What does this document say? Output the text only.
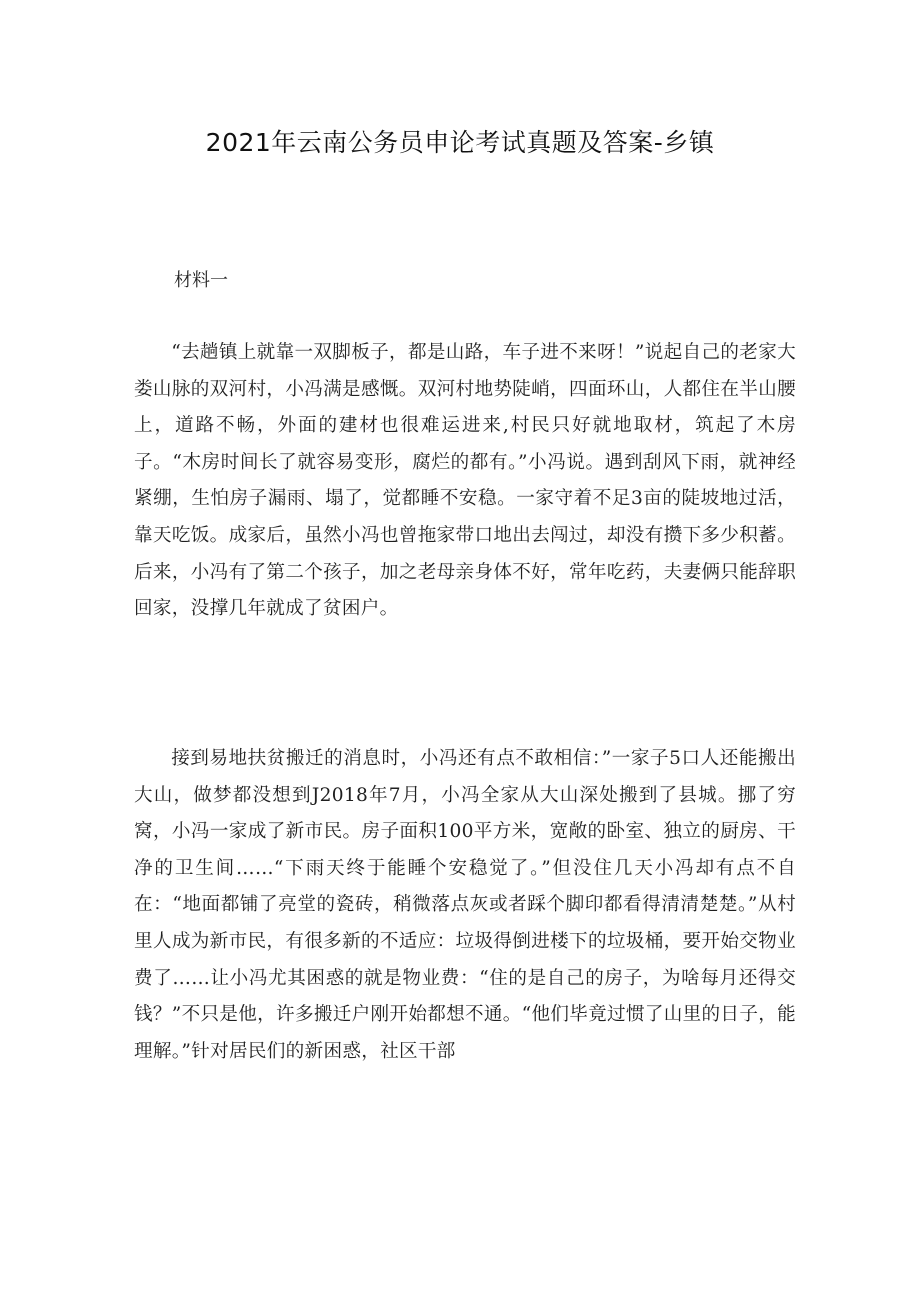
2021年云南公务员申论考试真题及答案-乡镇

材料一

“去趟镇上就靠一双脚板子，都是山路，车子进不来呀！”说起自己的老家大娄山脉的双河村，小冯满是感慨。双河村地势陡峭，四面环山，人都住在半山腰上，道路不畅，外面的建材也很难运进来,村民只好就地取材，筑起了木房子。“木房时间长了就容易变形，腐烂的都有。”小冯说。遇到刮风下雨，就神经紧绷，生怕房子漏雨、塌了，觉都睡不安稳。一家守着不足3亩的陡坡地过活，靠天吃饭。成家后，虽然小冯也曾拖家带口地出去闯过，却没有攒下多少积蓄。后来，小冯有了第二个孩子，加之老母亲身体不好，常年吃药，夫妻俩只能辞职回家，没撑几年就成了贫困户。

接到易地扶贫搬迁的消息时，小冯还有点不敢相信：”一家子5口人还能搬出大山，做梦都没想到J2018年7月，小冯全家从大山深处搬到了县城。挪了穷窝，小冯一家成了新市民。房子面积100平方米，宽敞的卧室、独立的厨房、干净的卫生间……“下雨天终于能睡个安稳觉了。”但没住几天小冯却有点不自在：“地面都铺了亮堂的瓷砖，稍微落点灰或者踩个脚印都看得清清楚楚。”从村里人成为新市民，有很多新的不适应：垃圾得倒进楼下的垃圾桶，要开始交物业费了……让小冯尤其困惑的就是物业费：“住的是自己的房子，为啥每月还得交钱？”不只是他，许多搬迁户刚开始都想不通。“他们毕竟过惯了山里的日子，能理解。”针对居民们的新困惑，社区干部
